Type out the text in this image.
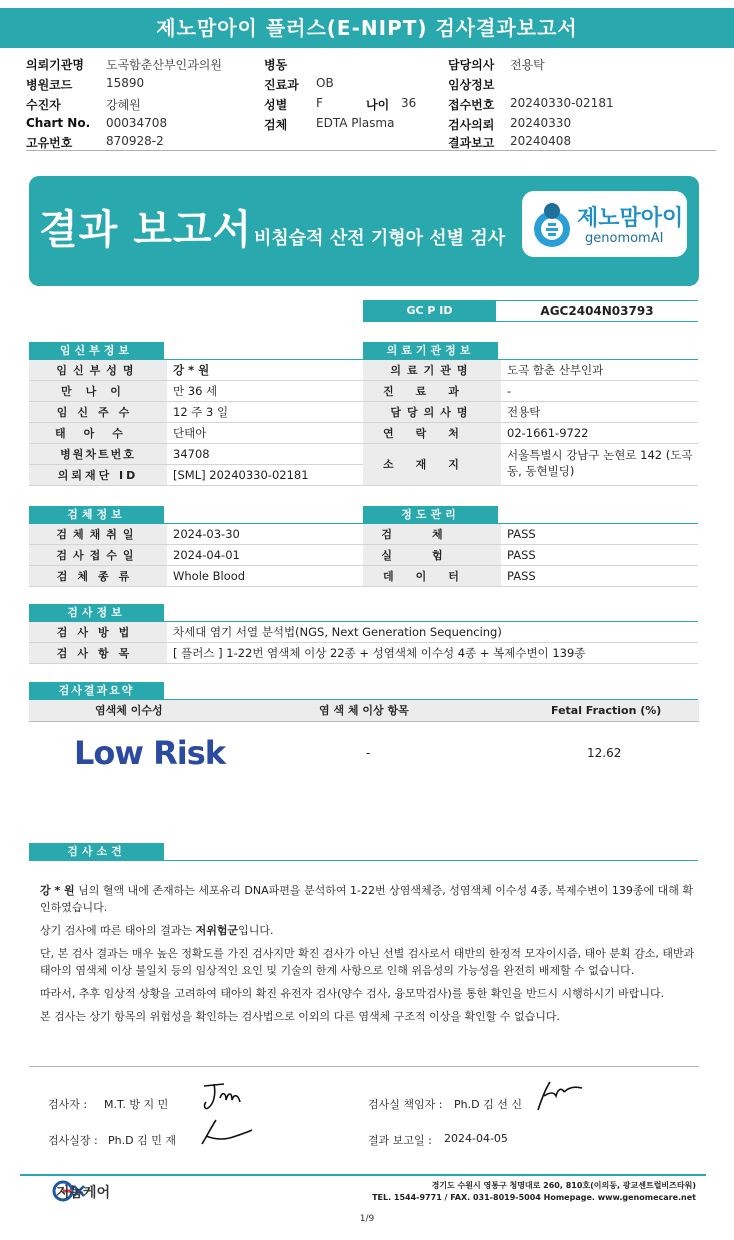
제노맘아이 플러스(E-NIPT) 검사결과보고서
의뢰기관명 도곡함춘산부인과의원	병동	담당의사 전용탁
병원코드	15890	진료과 OB	임상정보
수진자	강혜원	성별 F	나이 36	접수번호 20240330-02181
Chart No. 00034708	검체 EDTA Plasma	검사의뢰 20240330
고유번호	870928-2	결과보고 20240408
결과 보고서 비침습적 산전 기형아 선별 검사
제노맘아이
genomomAI
GC P ID	AGC2404N03793
임신부정보
임신부성명	강 * 원
만나이	만 36 세
임신주수	12 주 3 일
태아수	단태아
병원차트번호	34708
의뢰재단 ID	[SML] 20240330-02181
의료기관정보
의료기관명	도곡 함춘 산부인과
진료과	-
담당의사명	전용탁
연락처	02-1661-9722
소재지
서울특별시 강남구 논현로 142 (도곡
동, 동현빌딩)
검체정보
검체채취일	2024-03-30
검사접수일	2024-04-01
검체종류	Whole Blood
정도관리
검체	PASS
실험	PASS
데이터	PASS
검사정보
검사방법	차세대 염기 서열 분석법(NGS, Next Generation Sequencing)
검사항목	[ 플러스 ] 1-22번 염색체 이상 22종 + 성염색체 이수성 4종 + 복제수변이 139종
검사결과요약
염색체 이수성	염 색 체 이상 항목	Fetal Fraction (%)
Low Risk	-	12.62
검사소견

강 * 원 님의 혈액 내에 존재하는 세포유리 DNA파편을 분석하여 1-22번 상염색체증, 성염색체 이수성 4종, 복제수변이 139종에 대해 확인하였습니다.

상기 검사에 따른 태아의 결과는 저위험군입니다.

단, 본 검사 결과는 매우 높은 정확도를 가진 검사지만 확진 검사가 아닌 선별 검사로서 태반의 한정적 모자이시즘, 태아 분획 감소, 태반과 태아의 염색체 이상 불일치 등의 임상적인 요인 및 기술의 한계 사항으로 인해 위음성의 가능성을 완전히 배제할 수 없습니다.

따라서, 추후 임상적 상황을 고려하여 태아의 확진 유전자 검사(양수 검사, 융모막검사)를 통한 확인을 반드시 시행하시기 바랍니다.

본 검사는 상기 항목의 위험성을 확인하는 검사법으로 이외의 다른 염색체 구조적 이상을 확인할 수 없습니다.

검사자 : M.T. 방 지 민	검사실 책임자 : Ph.D 김 선 신
검사실장 : Ph.D 김 민 재	결과 보고일 : 2024-04-05
지놈케어	경기도 수원시 영통구 청명대로 260, 810호(이의동, 광교센트럴비즈타워)
TEL. 1544-9771 / FAX. 031-8019-5004 Homepage. www.genomecare.net
1/9
